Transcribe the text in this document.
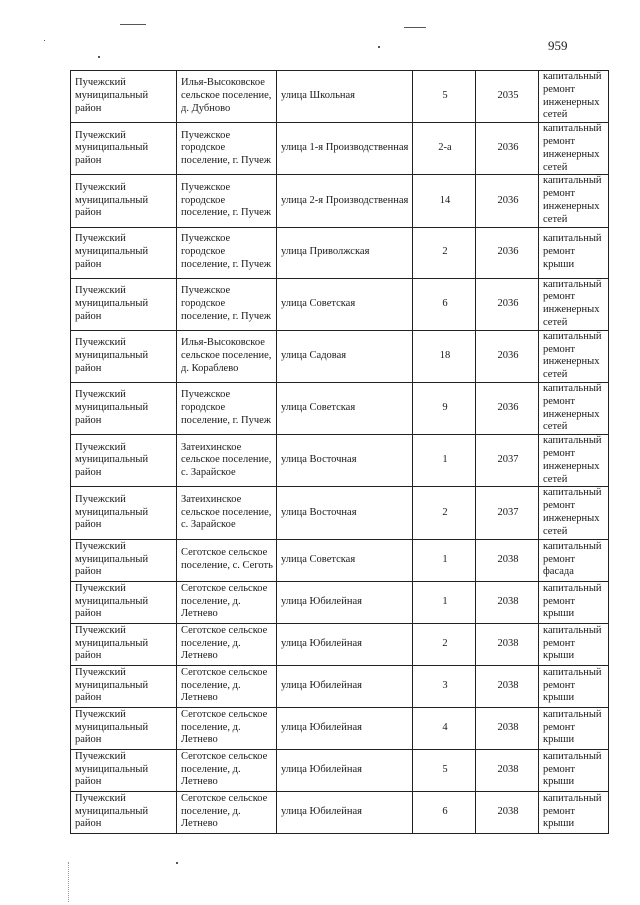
959
Пучежский муниципальный район	Илья-Высоковское сельское поселение, д. Дубново	улица Школьная	5	2035	капитальный ремонт инженерных сетей
Пучежский муниципальный район	Пучежское городское поселение, г. Пучеж	улица 1-я Производственная	2-а	2036	капитальный ремонт инженерных сетей
Пучежский муниципальный район	Пучежское городское поселение, г. Пучеж	улица 2-я Производственная	14	2036	капитальный ремонт инженерных сетей
Пучежский муниципальный район	Пучежское городское поселение, г. Пучеж	улица Приволжская	2	2036	капитальный ремонт крыши
Пучежский муниципальный район	Пучежское городское поселение, г. Пучеж	улица Советская	6	2036	капитальный ремонт инженерных сетей
Пучежский муниципальный район	Илья-Высоковское сельское поселение, д. Кораблево	улица Садовая	18	2036	капитальный ремонт инженерных сетей
Пучежский муниципальный район	Пучежское городское поселение, г. Пучеж	улица Советская	9	2036	капитальный ремонт инженерных сетей
Пучежский муниципальный район	Затеихинское сельское поселение, с. Зарайское	улица Восточная	1	2037	капитальный ремонт инженерных сетей
Пучежский муниципальный район	Затеихинское сельское поселение, с. Зарайское	улица Восточная	2	2037	капитальный ремонт инженерных сетей
Пучежский муниципальный район	Сеготское сельское поселение, с. Сеготь	улица Советская	1	2038	капитальный ремонт фасада
Пучежский муниципальный район	Сеготское сельское поселение, д. Летнево	улица Юбилейная	1	2038	капитальный ремонт крыши
Пучежский муниципальный район	Сеготское сельское поселение, д. Летнево	улица Юбилейная	2	2038	капитальный ремонт крыши
Пучежский муниципальный район	Сеготское сельское поселение, д. Летнево	улица Юбилейная	3	2038	капитальный ремонт крыши
Пучежский муниципальный район	Сеготское сельское поселение, д. Летнево	улица Юбилейная	4	2038	капитальный ремонт крыши
Пучежский муниципальный район	Сеготское сельское поселение, д. Летнево	улица Юбилейная	5	2038	капитальный ремонт крыши
Пучежский муниципальный район	Сеготское сельское поселение, д. Летнево	улица Юбилейная	6	2038	капитальный ремонт крыши
